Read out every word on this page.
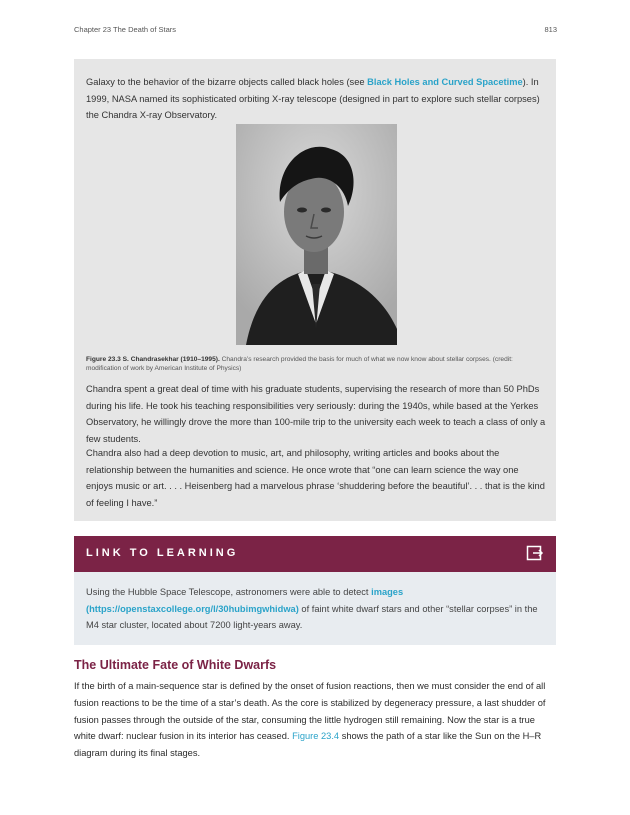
Chapter 23 The Death of Stars	813

Galaxy to the behavior of the bizarre objects called black holes (see Black Holes and Curved Spacetime). In 1999, NASA named its sophisticated orbiting X-ray telescope (designed in part to explore such stellar corpses) the Chandra X-ray Observatory.

Figure 23.3 S. Chandrasekhar (1910–1995). Chandra’s research provided the basis for much of what we now know about stellar corpses. (credit: modification of work by American Institute of Physics)

Chandra spent a great deal of time with his graduate students, supervising the research of more than 50 PhDs during his life. He took his teaching responsibilities very seriously: during the 1940s, while based at the Yerkes Observatory, he willingly drove the more than 100-mile trip to the university each week to teach a class of only a few students.

Chandra also had a deep devotion to music, art, and philosophy, writing articles and books about the relationship between the humanities and science. He once wrote that “one can learn science the way one enjoys music or art. . . . Heisenberg had a marvelous phrase ‘shuddering before the beautiful’. . . that is the kind of feeling I have.”

LINK TO LEARNING

Using the Hubble Space Telescope, astronomers were able to detect images (https://openstaxcollege.org/l/30hubimgwhidwa) of faint white dwarf stars and other “stellar corpses” in the M4 star cluster, located about 7200 light-years away.

The Ultimate Fate of White Dwarfs

If the birth of a main-sequence star is defined by the onset of fusion reactions, then we must consider the end of all fusion reactions to be the time of a star’s death. As the core is stabilized by degeneracy pressure, a last shudder of fusion passes through the outside of the star, consuming the little hydrogen still remaining. Now the star is a true white dwarf: nuclear fusion in its interior has ceased. Figure 23.4 shows the path of a star like the Sun on the H–R diagram during its final stages.
